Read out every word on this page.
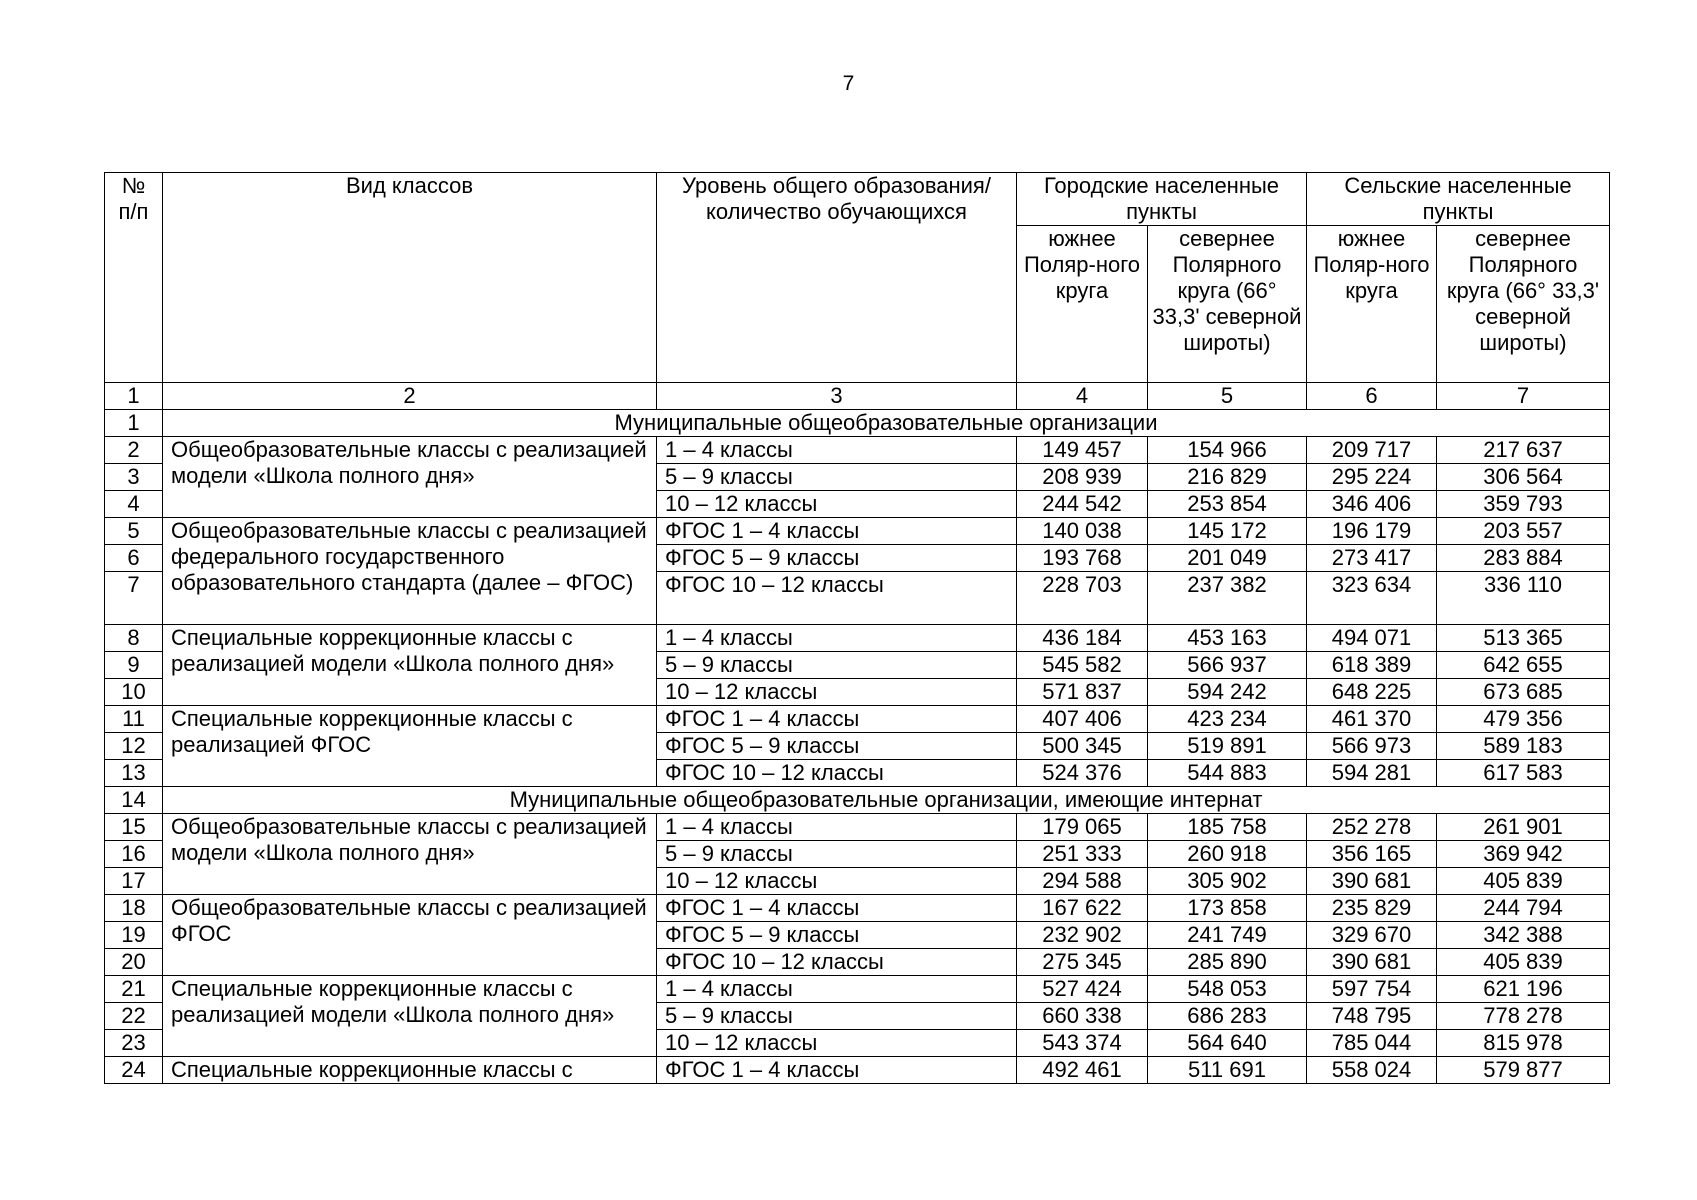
7
№ п/п	Вид классов	Уровень общего образования/количество обучающихся	Городские населенные пункты		Сельские населенные пункты	
			южнее Поляр-ного круга	севернее Полярного круга (66° 33,3' северной широты)	южнее Поляр-ного круга	севернее Полярного круга (66° 33,3' северной широты)
1	2	3	4	5	6	7
1	Муниципальные общеобразовательные организации					
2	Общеобразовательные классы с реализацией модели «Школа полного дня»	1 – 4 классы	149 457	154 966	209 717	217 637
3		5 – 9 классы	208 939	216 829	295 224	306 564
4		10 – 12 классы	244 542	253 854	346 406	359 793
5	Общеобразовательные классы с реализацией федерального государственного образовательного стандарта (далее – ФГОС)	ФГОС 1 – 4 классы	140 038	145 172	196 179	203 557
6		ФГОС 5 – 9 классы	193 768	201 049	273 417	283 884
7		ФГОС 10 – 12 классы	228 703	237 382	323 634	336 110
8	Специальные коррекционные классы с реализацией модели «Школа полного дня»	1 – 4 классы	436 184	453 163	494 071	513 365
9		5 – 9 классы	545 582	566 937	618 389	642 655
10		10 – 12 классы	571 837	594 242	648 225	673 685
11	Специальные коррекционные классы с реализацией ФГОС	ФГОС 1 – 4 классы	407 406	423 234	461 370	479 356
12		ФГОС 5 – 9 классы	500 345	519 891	566 973	589 183
13		ФГОС 10 – 12 классы	524 376	544 883	594 281	617 583
14	Муниципальные общеобразовательные организации, имеющие интернат					
15	Общеобразовательные классы с реализацией модели «Школа полного дня»	1 – 4 классы	179 065	185 758	252 278	261 901
16		5 – 9 классы	251 333	260 918	356 165	369 942
17		10 – 12 классы	294 588	305 902	390 681	405 839
18	Общеобразовательные классы с реализацией ФГОС	ФГОС 1 – 4 классы	167 622	173 858	235 829	244 794
19		ФГОС 5 – 9 классы	232 902	241 749	329 670	342 388
20		ФГОС 10 – 12 классы	275 345	285 890	390 681	405 839
21	Специальные коррекционные классы с реализацией модели «Школа полного дня»	1 – 4 классы	527 424	548 053	597 754	621 196
22		5 – 9 классы	660 338	686 283	748 795	778 278
23		10 – 12 классы	543 374	564 640	785 044	815 978
24	Специальные коррекционные классы с	ФГОС 1 – 4 классы	492 461	511 691	558 024	579 877
